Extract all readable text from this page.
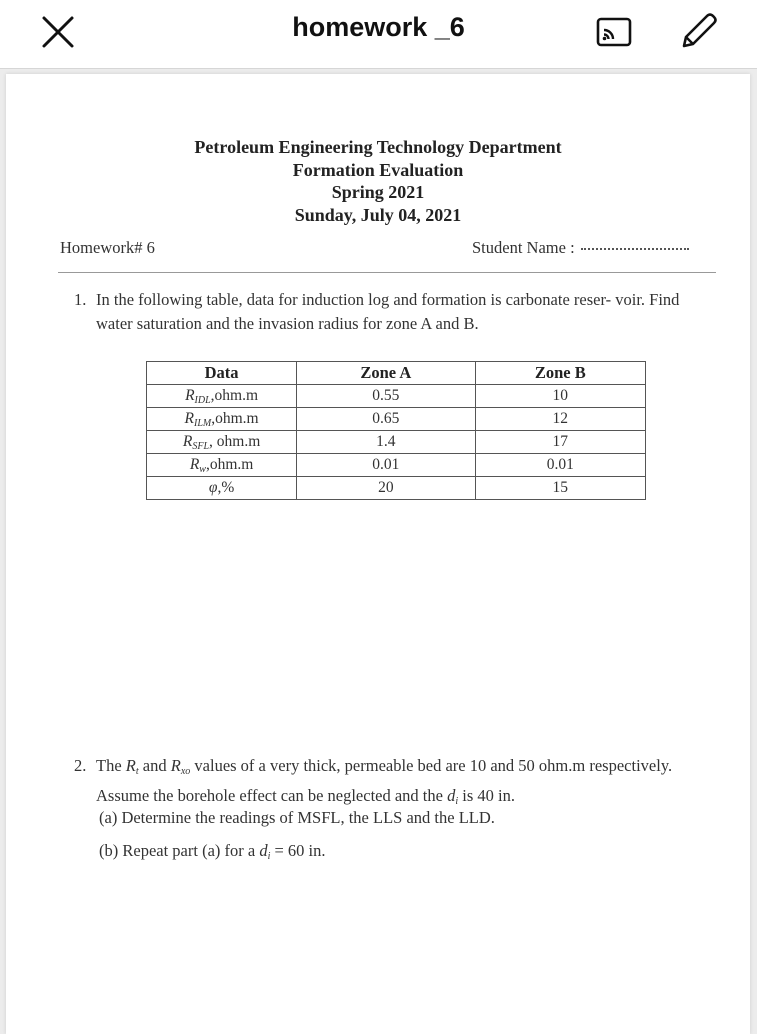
homework _6
Petroleum Engineering Technology Department
Formation Evaluation
Spring 2021
Sunday, July 04, 2021
Homework# 6	Student Name :
1. In the following table, data for induction log and formation is carbonate reser- voir. Find water saturation and the invasion radius for zone A and B.
Data	Zone A	Zone B
$R_{IDL},ohm.m$	0.55	10
$R_{ILM},ohm.m$	0.65	12
$R_{SFL}$, ohm.m	1.4	17
$R_w,ohm.m$	0.01	0.01
φ,%	20	15
2. The $R_t$ and $R_{xo}$ values of a very thick, permeable bed are 10 and 50 ohm.m respectively. Assume the borehole effect can be neglected and the $d_i$ is 40 in.
(a) Determine the readings of MSFL, the LLS and the LLD.
(b) Repeat part (a) for a $d_i = 60$ in.
